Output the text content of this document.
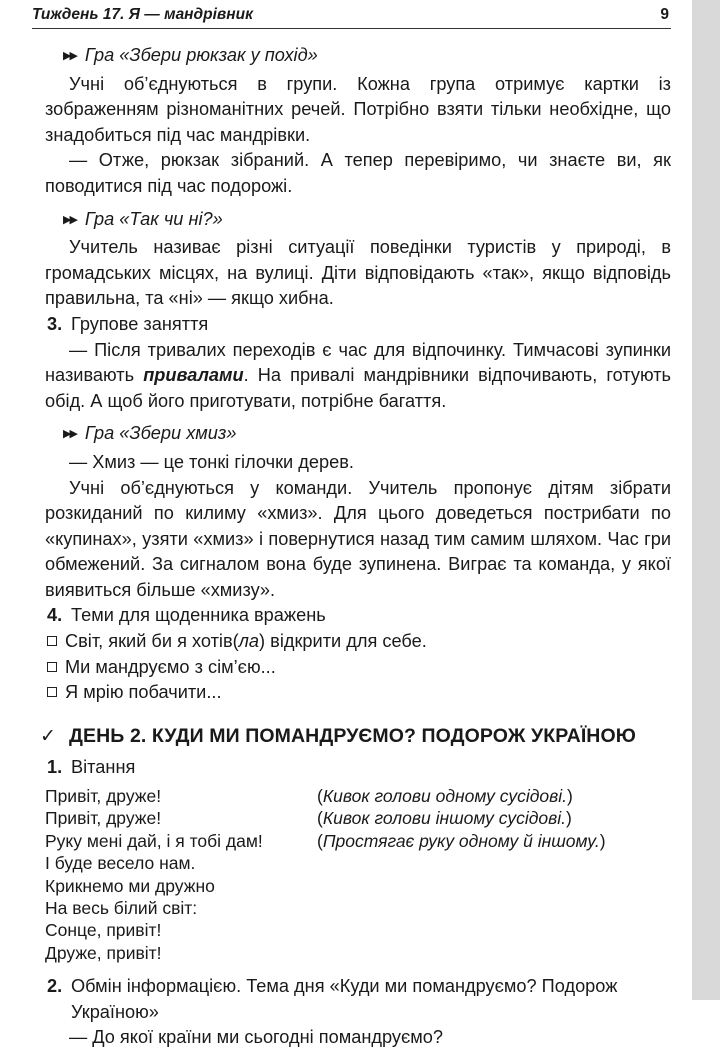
Тиждень 17. Я — мандрівник	9

▶▶ Гра «Збери рюкзак у похід»

Учні об’єднуються в групи. Кожна група отримує картки із зображенням різноманітних речей. Потрібно взяти тільки необхідне, що знадобиться під час мандрівки.

— Отже, рюкзак зібраний. А тепер перевіримо, чи знаєте ви, як поводитися під час подорожі.

▶▶ Гра «Так чи ні?»

Учитель називає різні ситуації поведінки туристів у природі, в громадських місцях, на вулиці. Діти відповідають «так», якщо відповідь правильна, та «ні» — якщо хибна.

3. Групове заняття

— Після тривалих переходів є час для відпочинку. Тимчасові зупинки називають привалами. На привалі мандрівники відпочивають, готують обід. А щоб його приготувати, потрібне багаття.

▶▶ Гра «Збери хмиз»

— Хмиз — це тонкі гілочки дерев.

Учні об’єднуються у команди. Учитель пропонує дітям зібрати розкиданий по килиму «хмиз». Для цього доведеться пострибати по «купинах», узяти «хмиз» і повернутися назад тим самим шляхом. Час гри обмежений. За сигналом вона буде зупинена. Виграє та команда, у якої виявиться більше «хмизу».

4. Теми для щоденника вражень

Світ, який би я хотів(ла) відкрити для себе.

Ми мандруємо з сім’єю...

Я мрію побачити...

✓ ДЕНЬ 2. КУДИ МИ ПОМАНДРУЄМО? ПОДОРОЖ УКРАЇНОЮ

1. Вітання

Привіт, друже!	(Кивок голови одному сусідові.)
Привіт, друже!	(Кивок голови іншому сусідові.)
Руку мені дай, і я тобі дам!	(Простягає руку одному й іншому.)
І буде весело нам.
Крикнемо ми дружно
На весь білий світ:
Сонце, привіт!
Друже, привіт!

2. Обмін інформацією. Тема дня «Куди ми помандруємо? Подорож Україною»

— До якої країни ми сьогодні помандруємо?
